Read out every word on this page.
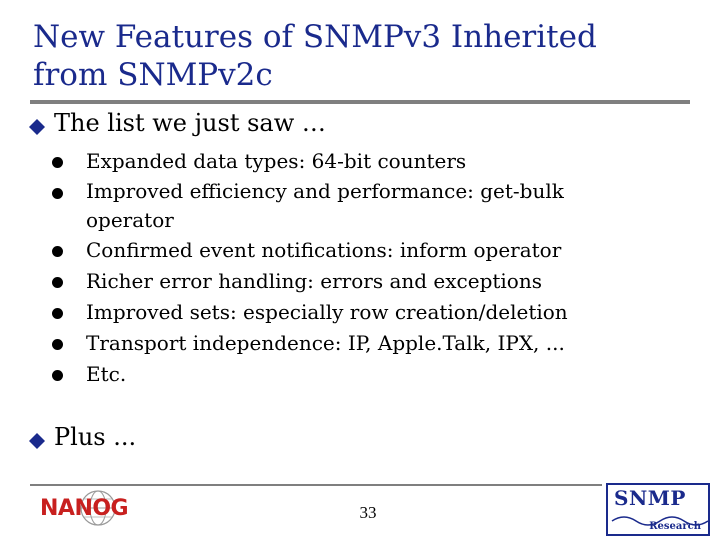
New Features of SNMPv3 Inherited
from SNMPv2c
The list we just saw …
Expanded data types: 64-bit counters
Improved efficiency and performance: get-bulk
operator
Confirmed event notifications: inform operator
Richer error handling: errors and exceptions
Improved sets: especially row creation/deletion
Transport independence: IP, Apple.Talk, IPX, ...
Etc.
Plus ...
NANOG	33
SNMP
Research
